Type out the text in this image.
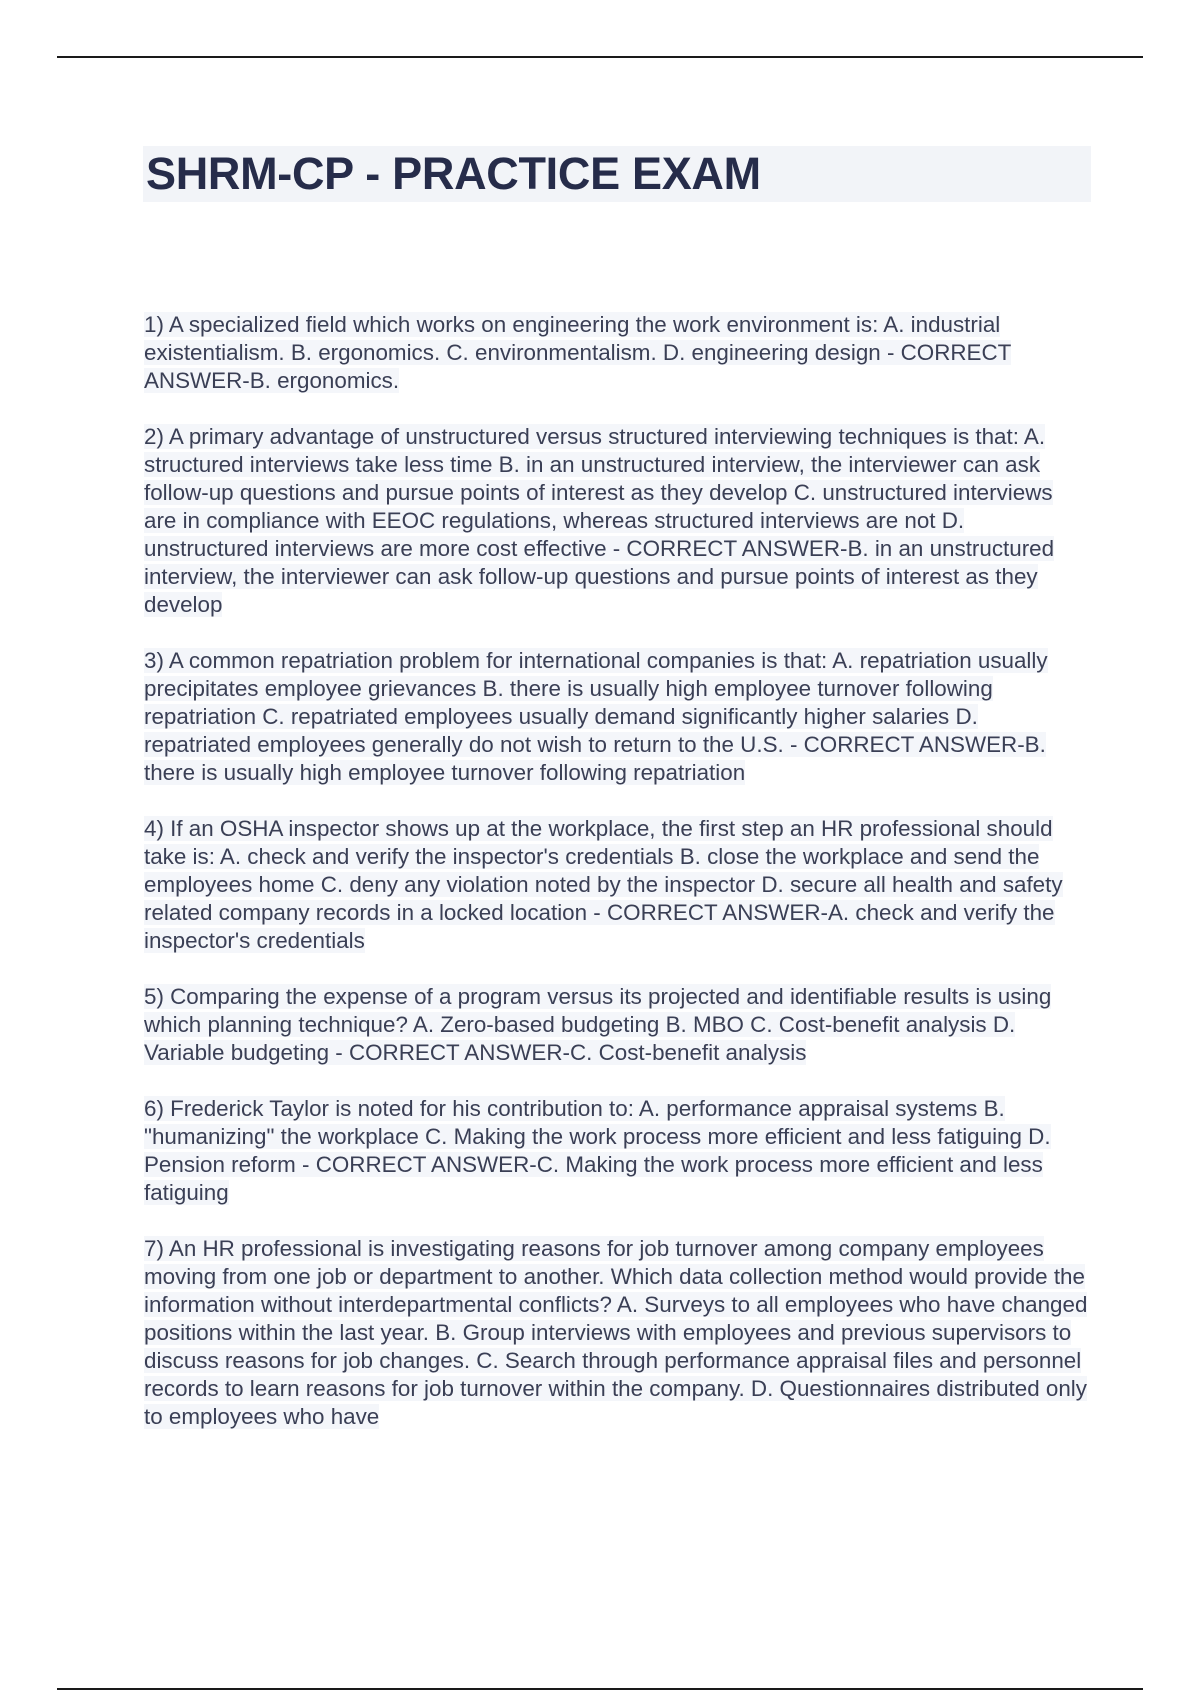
SHRM-CP - PRACTICE EXAM
1) A specialized field which works on engineering the work environment is: A. industrial existentialism. B. ergonomics. C. environmentalism. D. engineering design - CORRECT ANSWER-B. ergonomics.
2) A primary advantage of unstructured versus structured interviewing techniques is that: A. structured interviews take less time B. in an unstructured interview, the interviewer can ask follow-up questions and pursue points of interest as they develop C. unstructured interviews are in compliance with EEOC regulations, whereas structured interviews are not D. unstructured interviews are more cost effective - CORRECT ANSWER-B. in an unstructured interview, the interviewer can ask follow-up questions and pursue points of interest as they develop
3) A common repatriation problem for international companies is that: A. repatriation usually precipitates employee grievances B. there is usually high employee turnover following repatriation C. repatriated employees usually demand significantly higher salaries D. repatriated employees generally do not wish to return to the U.S. - CORRECT ANSWER-B. there is usually high employee turnover following repatriation
4) If an OSHA inspector shows up at the workplace, the first step an HR professional should take is: A. check and verify the inspector's credentials B. close the workplace and send the employees home C. deny any violation noted by the inspector D. secure all health and safety related company records in a locked location - CORRECT ANSWER-A. check and verify the inspector's credentials
5) Comparing the expense of a program versus its projected and identifiable results is using which planning technique? A. Zero-based budgeting B. MBO C. Cost-benefit analysis D. Variable budgeting - CORRECT ANSWER-C. Cost-benefit analysis
6) Frederick Taylor is noted for his contribution to: A. performance appraisal systems B. "humanizing" the workplace C. Making the work process more efficient and less fatiguing D. Pension reform - CORRECT ANSWER-C. Making the work process more efficient and less fatiguing
7) An HR professional is investigating reasons for job turnover among company employees moving from one job or department to another. Which data collection method would provide the information without interdepartmental conflicts? A. Surveys to all employees who have changed positions within the last year. B. Group interviews with employees and previous supervisors to discuss reasons for job changes. C. Search through performance appraisal files and personnel records to learn reasons for job turnover within the company. D. Questionnaires distributed only to employees who have
